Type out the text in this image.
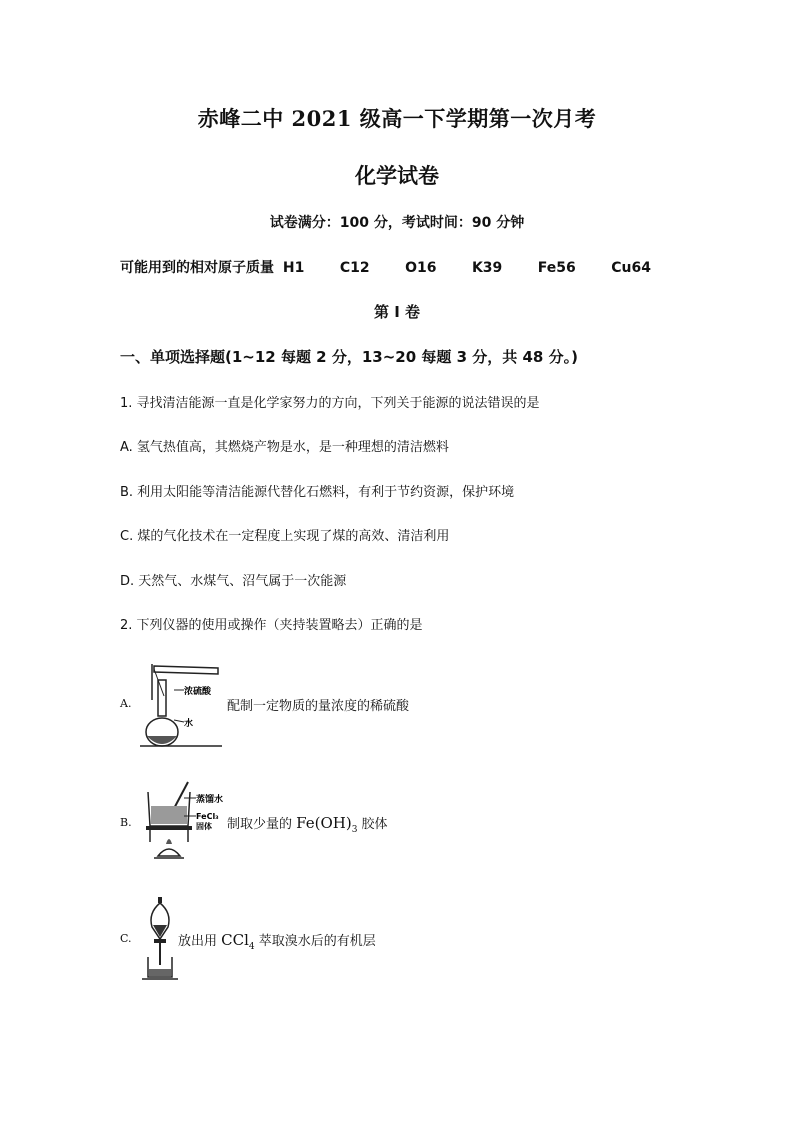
赤峰二中 2021 级高一下学期第一次月考
化学试卷
试卷满分：100 分，考试时间：90 分钟
可能用到的相对原子质量 H1    C12    O16    K39    Fe56    Cu64
第 I 卷
一、单项选择题(1~12 每题 2 分，13~20 每题 3 分，共 48 分。)
1. 寻找清洁能源一直是化学家努力的方向，下列关于能源的说法错误的是
A. 氢气热值高，其燃烧产物是水，是一种理想的清洁燃料
B. 利用太阳能等清洁能源代替化石燃料，有利于节约资源，保护环境
C. 煤的气化技术在一定程度上实现了煤的高效、清洁利用
D. 天然气、水煤气、沼气属于一次能源
2. 下列仪器的使用或操作（夹持装置略去）正确的是
A.
浓硫酸
水
配制一定物质的量浓度的稀硫酸
B.
蒸馏水
FeCl₃
固体 制取少量的 $Fe(OH)_3$ 胶体
C.	放出用 CCl$_4$ 萃取溴水后的有机层
